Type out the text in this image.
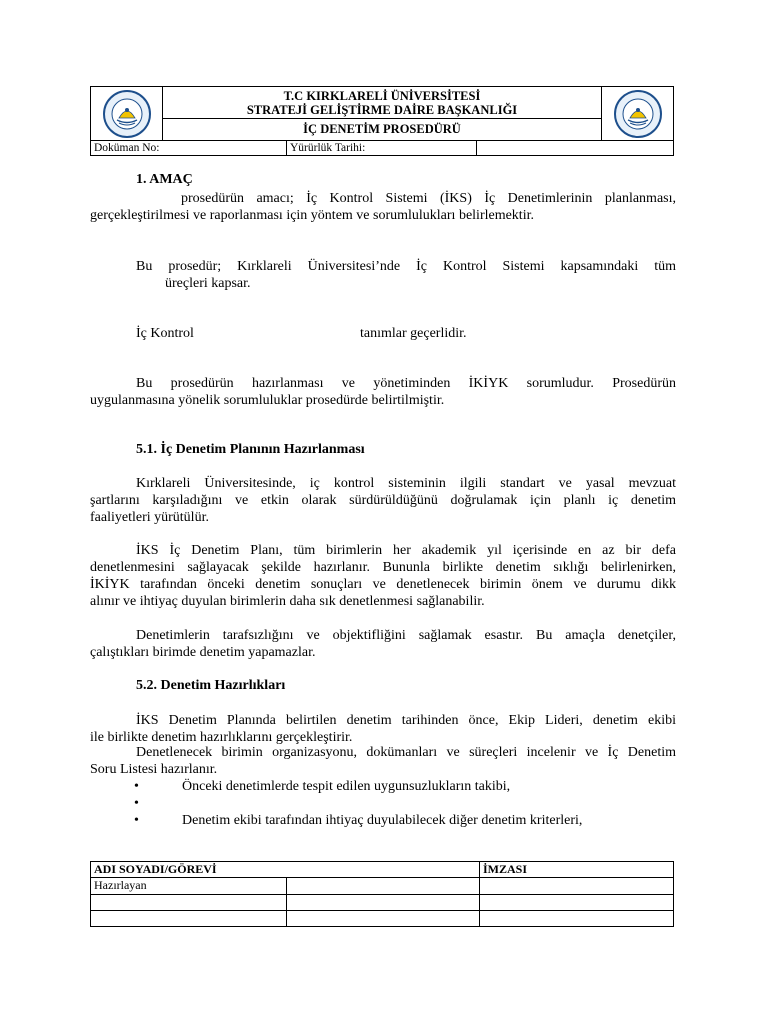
T.C KIRKLARELİ ÜNİVERSİTESİ
STRATEJİ GELİŞTİRME DAİRE BAŞKANLIĞI
İÇ DENETİM PROSEDÜRÜ
Doküman No:	Yürürlük Tarihi:
1. AMAÇ
prosedürün amacı; İç Kontrol Sistemi (İKS) İç Denetimlerinin planlanması,
gerçekleştirilmesi ve raporlanması için yöntem ve sorumlulukları belirlemektir.
Bu prosedür; Kırklareli Üniversitesi’nde İç Kontrol Sistemi kapsamındaki tüm
üreçleri kapsar.
İç Kontrol	tanımlar geçerlidir.
Bu prosedürün hazırlanması ve yönetiminden İKİYK sorumludur. Prosedürün
uygulanmasına yönelik sorumluluklar prosedürde belirtilmiştir.
5.1. İç Denetim Planının Hazırlanması
Kırklareli Üniversitesinde, iç kontrol sisteminin ilgili standart ve yasal mevzuat
şartlarını karşıladığını ve etkin olarak sürdürüldüğünü doğrulamak için planlı iç denetim
faaliyetleri yürütülür.
İKS İç Denetim Planı, tüm birimlerin her akademik yıl içerisinde en az bir defa
denetlenmesini sağlayacak şekilde hazırlanır. Bununla birlikte denetim sıklığı belirlenirken,
İKİYK tarafından önceki denetim sonuçları ve denetlenecek birimin önem ve durumu dikk
alınır ve ihtiyaç duyulan birimlerin daha sık denetlenmesi sağlanabilir.
Denetimlerin tarafsızlığını ve objektifliğini sağlamak esastır. Bu amaçla denetçiler,
çalıştıkları birimde denetim yapamazlar.
5.2. Denetim Hazırlıkları
İKS Denetim Planında belirtilen denetim tarihinden önce, Ekip Lideri, denetim ekibi
ile birlikte denetim hazırlıklarını gerçekleştirir.
Denetlenecek birimin organizasyonu, dokümanları ve süreçleri incelenir ve İç Denetim
Soru Listesi hazırlanır.
•	Önceki denetimlerde tespit edilen uygunsuzlukların takibi,
•
•	Denetim ekibi tarafından ihtiyaç duyulabilecek diğer denetim kriterleri,
ADI SOYADI/GÖREVİ		İMZASI
Hazırlayan		
